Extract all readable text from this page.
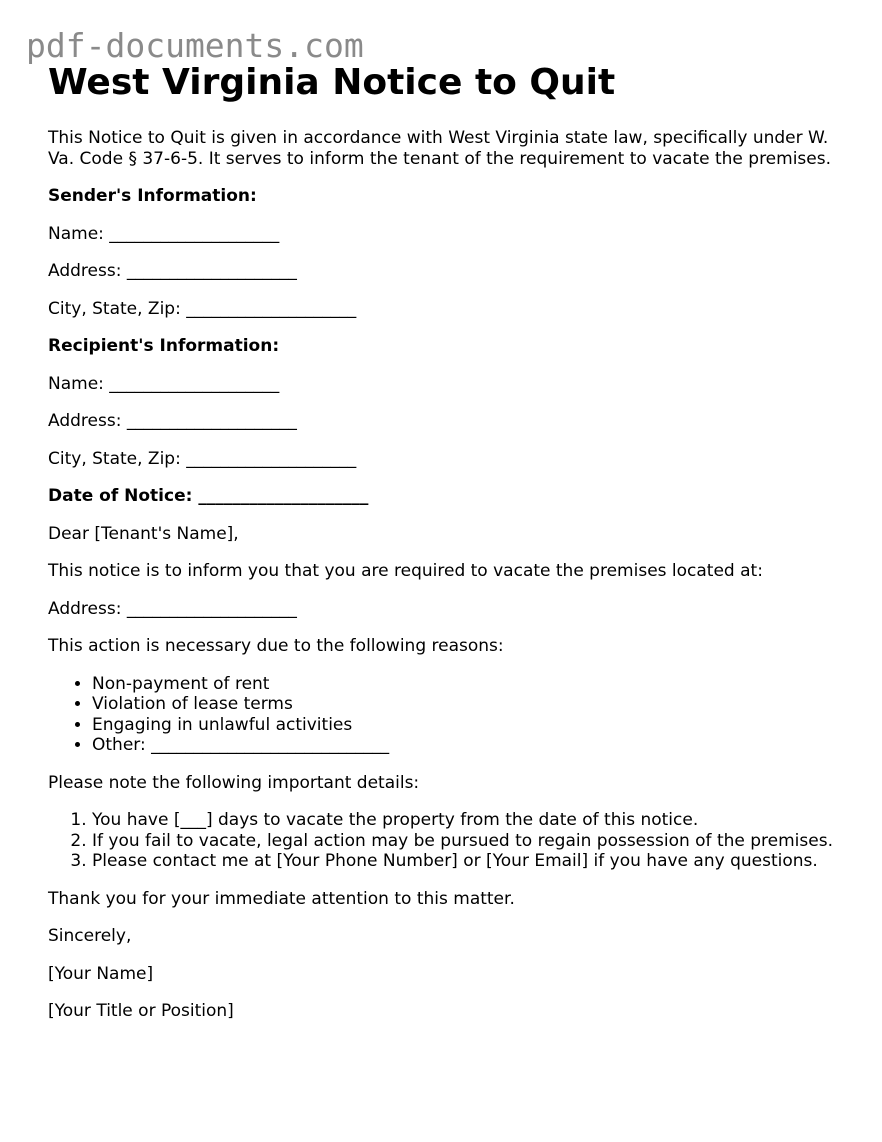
pdf-documents.com
West Virginia Notice to Quit

This Notice to Quit is given in accordance with West Virginia state law, specifically under W. Va. Code § 37-6-5. It serves to inform the tenant of the requirement to vacate the premises.

Sender's Information:

Name: ____________________

Address: ____________________

City, State, Zip: ____________________

Recipient's Information:

Name: ____________________

Address: ____________________

City, State, Zip: ____________________

Date of Notice: ____________________

Dear [Tenant's Name],

This notice is to inform you that you are required to vacate the premises located at:

Address: ____________________

This action is necessary due to the following reasons:

• Non-payment of rent
• Violation of lease terms
• Engaging in unlawful activities
• Other: ____________________________

Please note the following important details:

1. You have [___] days to vacate the property from the date of this notice.
2. If you fail to vacate, legal action may be pursued to regain possession of the premises.
3. Please contact me at [Your Phone Number] or [Your Email] if you have any questions.

Thank you for your immediate attention to this matter.

Sincerely,

[Your Name]

[Your Title or Position]
